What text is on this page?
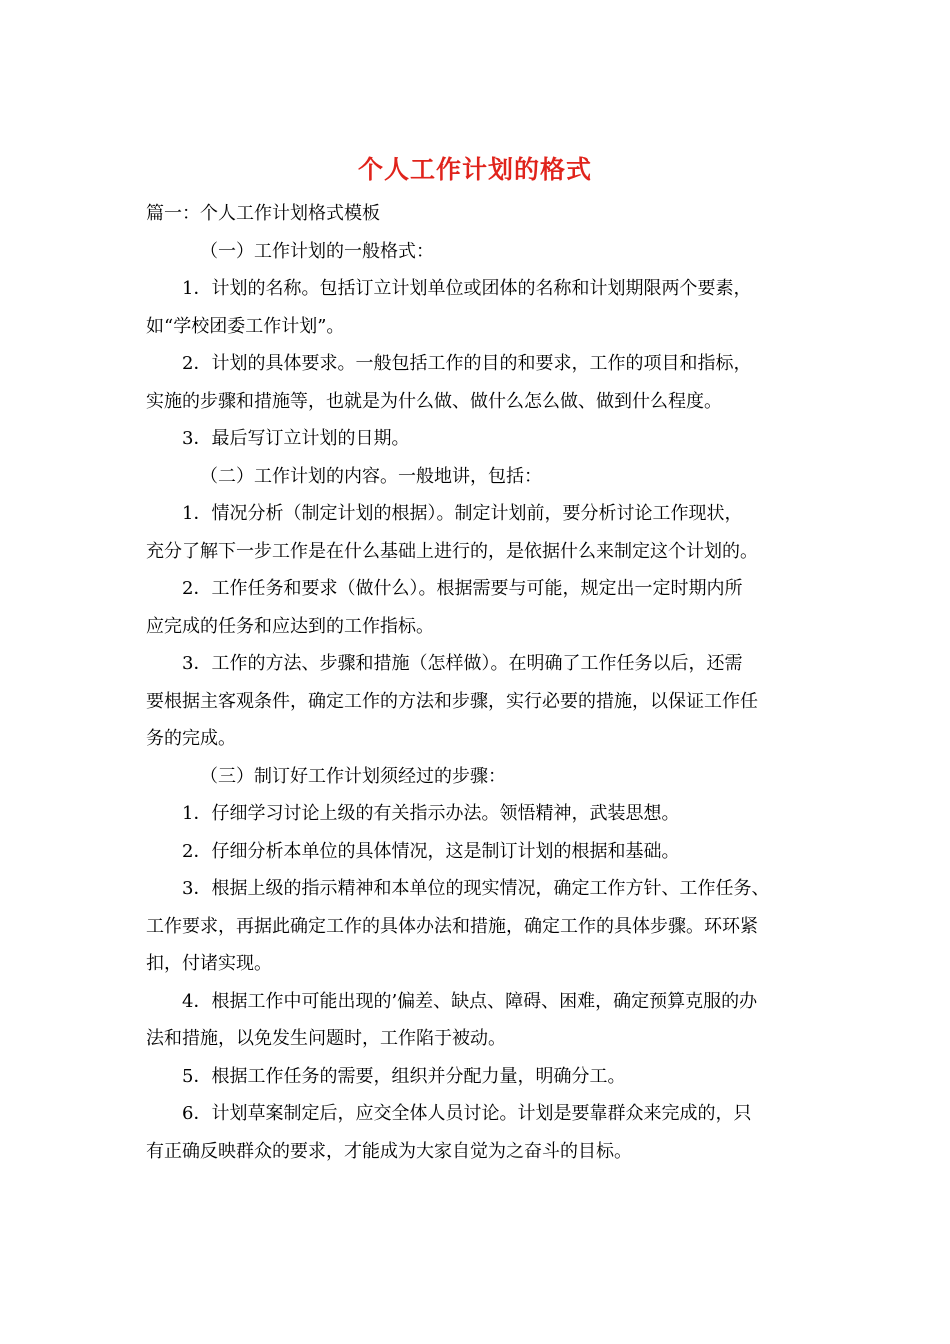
个人工作计划的格式
篇一：个人工作计划格式模板
（一）工作计划的一般格式：
1．计划的名称。包括订立计划单位或团体的名称和计划期限两个要素，
如“学校团委工作计划”。
2．计划的具体要求。一般包括工作的目的和要求，工作的项目和指标，
实施的步骤和措施等，也就是为什么做、做什么怎么做、做到什么程度。
3．最后写订立计划的日期。
（二）工作计划的内容。一般地讲，包括：
1．情况分析（制定计划的根据）。制定计划前，要分析讨论工作现状，
充分了解下一步工作是在什么基础上进行的，是依据什么来制定这个计划的。
2．工作任务和要求（做什么）。根据需要与可能，规定出一定时期内所
应完成的任务和应达到的工作指标。
3．工作的方法、步骤和措施（怎样做）。在明确了工作任务以后，还需
要根据主客观条件，确定工作的方法和步骤，实行必要的措施，以保证工作任
务的完成。
（三）制订好工作计划须经过的步骤：
1．仔细学习讨论上级的有关指示办法。领悟精神，武装思想。
2．仔细分析本单位的具体情况，这是制订计划的根据和基础。
3．根据上级的指示精神和本单位的现实情况，确定工作方针、工作任务、
工作要求，再据此确定工作的具体办法和措施，确定工作的具体步骤。环环紧
扣，付诸实现。
4．根据工作中可能出现的’偏差、缺点、障碍、困难，确定预算克服的办
法和措施，以免发生问题时，工作陷于被动。
5．根据工作任务的需要，组织并分配力量，明确分工。
6．计划草案制定后，应交全体人员讨论。计划是要靠群众来完成的，只
有正确反映群众的要求，才能成为大家自觉为之奋斗的目标。
